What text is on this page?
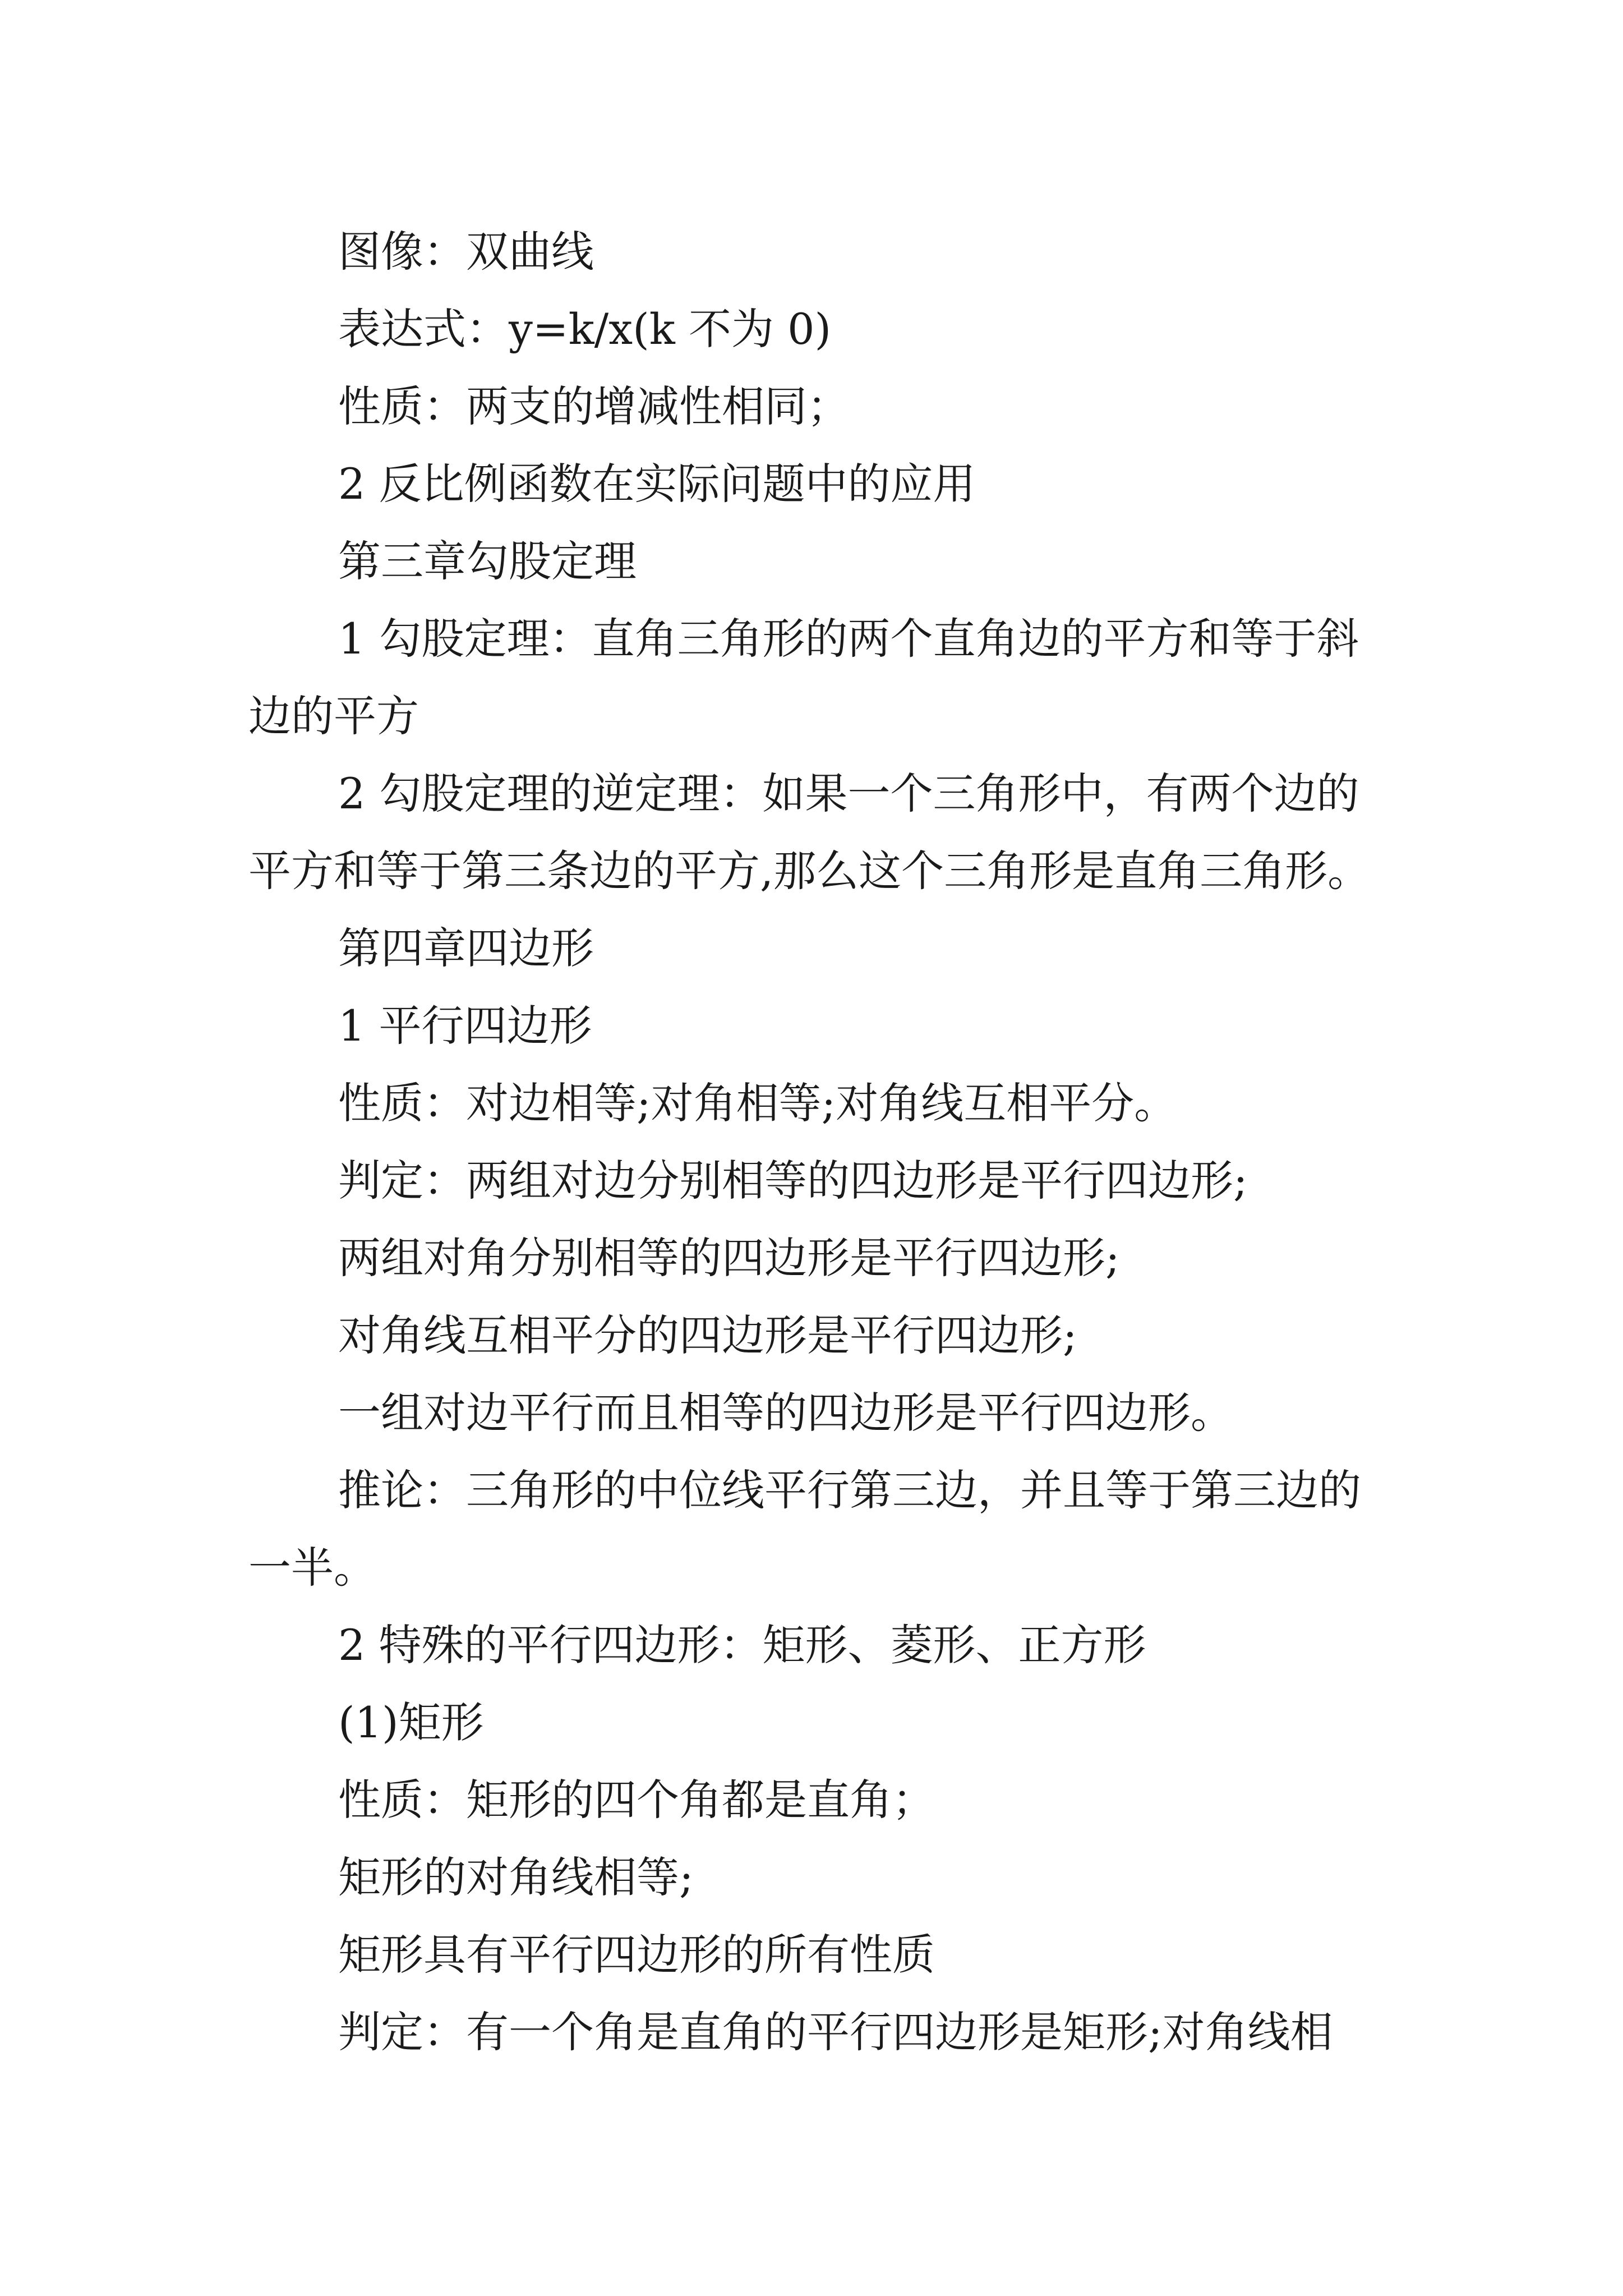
图像：双曲线

表达式：y=k/x(k 不为 0)

性质：两支的增减性相同；

2 反比例函数在实际问题中的应用

第三章勾股定理

1 勾股定理：直角三角形的两个直角边的平方和等于斜边的平方

2 勾股定理的逆定理：如果一个三角形中，有两个边的平方和等于第三条边的平方,那么这个三角形是直角三角形。

第四章四边形

1 平行四边形

性质：对边相等;对角相等;对角线互相平分。

判定：两组对边分别相等的四边形是平行四边形;

两组对角分别相等的四边形是平行四边形;

对角线互相平分的四边形是平行四边形;

一组对边平行而且相等的四边形是平行四边形。

推论：三角形的中位线平行第三边，并且等于第三边的一半。

2 特殊的平行四边形：矩形、菱形、正方形

(1)矩形

性质：矩形的四个角都是直角；

矩形的对角线相等;

矩形具有平行四边形的所有性质

判定：有一个角是直角的平行四边形是矩形;对角线相
